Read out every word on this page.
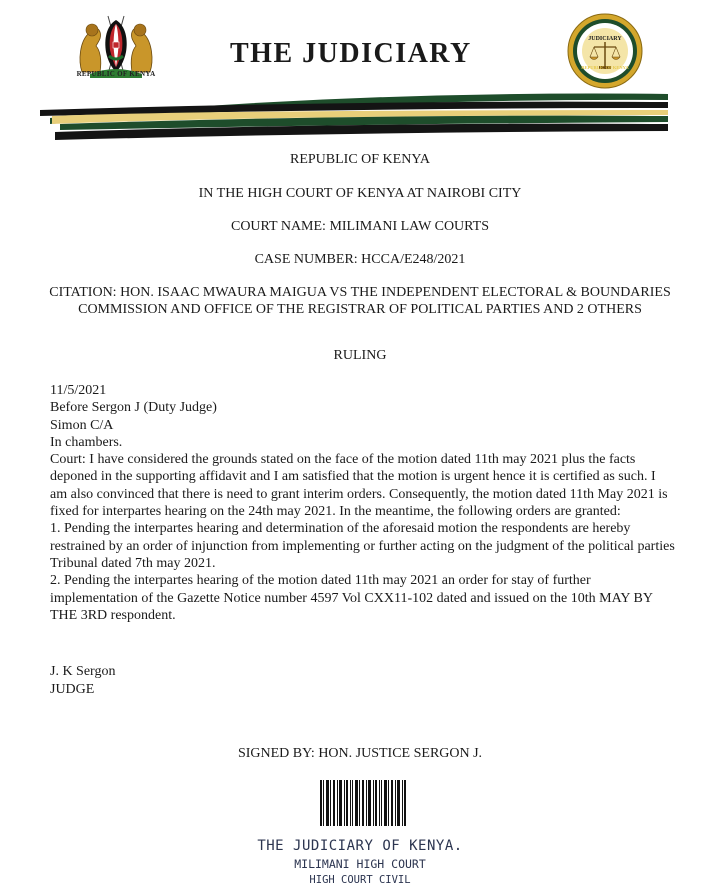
REPUBLIC OF KENYA
THE JUDICIARY	JUDICIARY
REPUBLIC OF KENYA
REPUBLIC OF KENYA
IN THE HIGH COURT OF KENYA AT NAIROBI CITY
COURT NAME: MILIMANI LAW COURTS
CASE NUMBER: HCCA/E248/2021
CITATION: HON. ISAAC MWAURA MAIGUA VS THE INDEPENDENT ELECTORAL & BOUNDARIES
COMMISSION AND OFFICE OF THE REGISTRAR OF POLITICAL PARTIES AND 2 OTHERS
RULING

11/5/2021

Before Sergon J (Duty Judge)

Simon C/A

In chambers.

Court: I have considered the grounds stated on the face of the motion dated 11th may 2021 plus the facts deponed in the supporting affidavit and I am satisfied that the motion is urgent hence it is certified as such. I am also convinced that there is need to grant interim orders. Consequently, the motion dated 11th May 2021 is fixed for interpartes hearing on the 24th may 2021. In the meantime, the following orders are granted:

1. Pending the interpartes hearing and determination of the aforesaid motion the respondents are hereby restrained by an order of injunction from implementing or further acting on the judgment of the political parties Tribunal dated 7th may 2021.

2. Pending the interpartes hearing of the motion dated 11th may 2021 an order for stay of further implementation of the Gazette Notice number 4597 Vol CXX11-102 dated and issued on the 10th MAY BY THE 3RD respondent.

J. K Sergon
JUDGE
SIGNED BY: HON. JUSTICE SERGON J.
THE JUDICIARY OF KENYA.
MILIMANI HIGH COURT
HIGH COURT CIVIL
